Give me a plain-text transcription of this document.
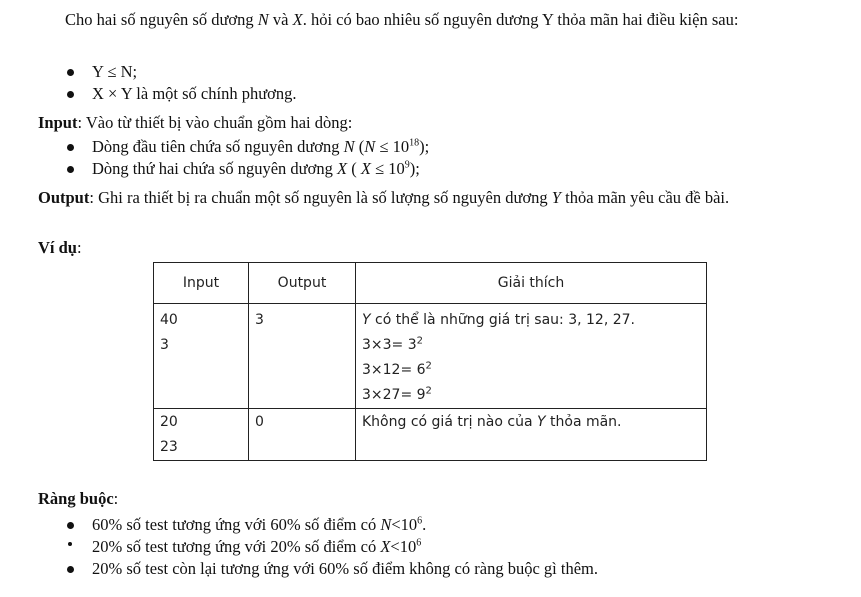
Cho hai số nguyên số dương N và X. hỏi có bao nhiêu số nguyên dương Y thỏa mãn hai điều kiện sau:
Y ≤ N;
X × Y là một số chính phương.
Input: Vào từ thiết bị vào chuẩn gồm hai dòng:
Dòng đầu tiên chứa số nguyên dương N $(N \le 10^{18})$;
Dòng thứ hai chứa số nguyên dương X ( $X \le 10^9$);
Output: Ghi ra thiết bị ra chuẩn một số nguyên là số lượng số nguyên dương Y thỏa mãn yêu cầu đề bài.
Ví dụ:
Input	Output	Giải thích

40
3	3	Y có thể là những giá trị sau: 3, 12, 27.
$3\times 3= 3^2$
$3\times 12= 6^2$
$3\times 27= 9^2$

20
23	0	Không có giá trị nào của Y thỏa mãn.
Ràng buộc:
60% số test tương ứng với 60% số điểm có $N<10^6$.
20% số test tương ứng với 20% số điểm có $X<10^6$
20% số test còn lại tương ứng với 60% số điểm không có ràng buộc gì thêm.
